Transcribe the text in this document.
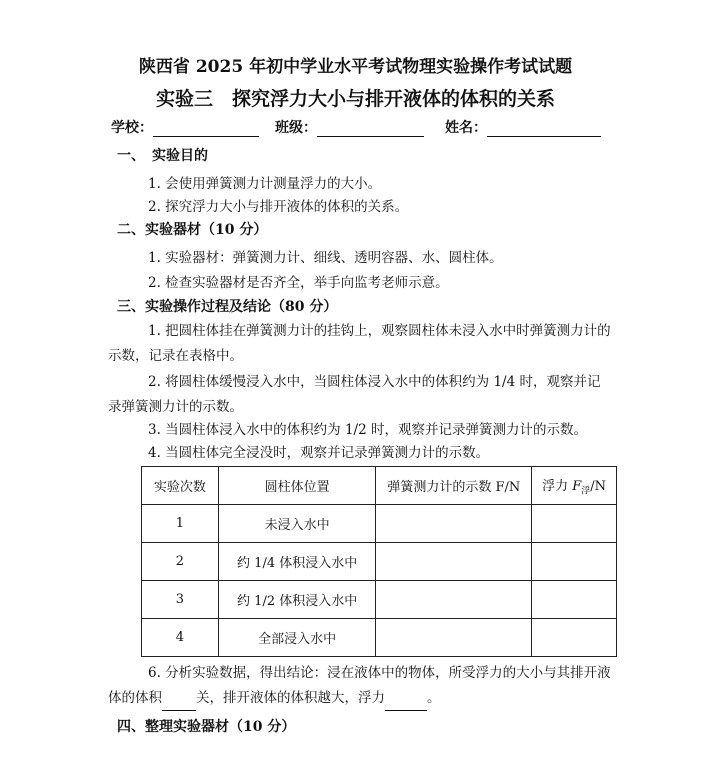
陕西省 2025 年初中学业水平考试物理实验操作考试试题
实验三　探究浮力大小与排开液体的体积的关系
学校：	班级：	姓名：
一、　实验目的
1. 会使用弹簧测力计测量浮力的大小。
2. 探究浮力大小与排开液体的体积的关系。
二、实验器材（10 分）
1. 实验器材：弹簧测力计、细线、透明容器、水、圆柱体。
2. 检查实验器材是否齐全，举手向监考老师示意。
三、实验操作过程及结论（80 分）
1. 把圆柱体挂在弹簧测力计的挂钩上，观察圆柱体未浸入水中时弹簧测力计的示数，记录在表格中。
2. 将圆柱体缓慢浸入水中，当圆柱体浸入水中的体积约为 1/4 时，观察并记录弹簧测力计的示数。
3. 当圆柱体浸入水中的体积约为 1/2 时，观察并记录弹簧测力计的示数。
4. 当圆柱体完全浸没时，观察并记录弹簧测力计的示数。
实验次数	圆柱体位置	弹簧测力计的示数 F/N	浮力 $F_浮/N$
1	未浸入水中		
2	约 1/4 体积浸入水中		
3	约 1/2 体积浸入水中		
4	全部浸入水中		
6. 分析实验数据，得出结论：浸在液体中的物体，所受浮力的大小与其排开液体的体积	关，排开液体的体积越大，浮力	。
四、整理实验器材（10 分）
